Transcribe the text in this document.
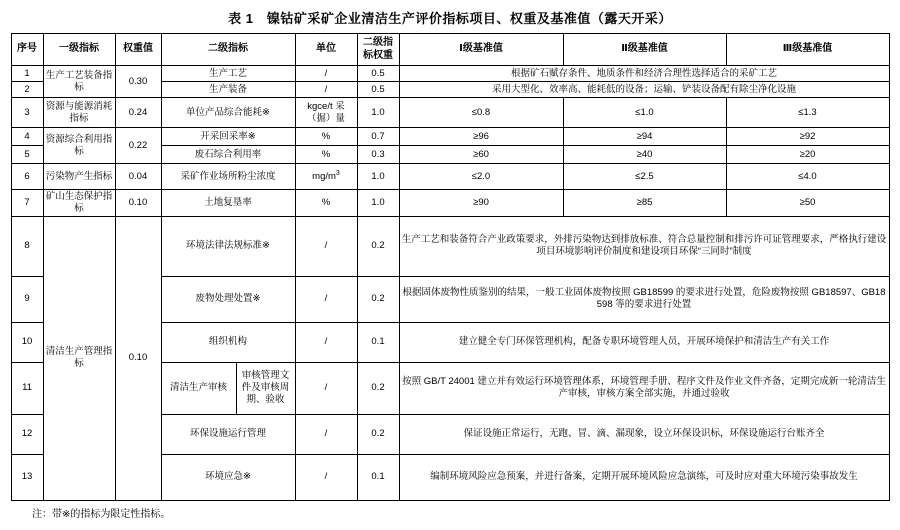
表 1　镍钴矿采矿企业清洁生产评价指标项目、权重及基准值（露天开采）
序号	一级指标	权重值	二级指标		单位	二级指标权重	Ⅰ级基准值	Ⅱ级基准值	Ⅲ级基准值
1	生产工艺装备指标	0.30	生产工艺		/	0.5	根据矿石赋存条件、地质条件和经济合理性选择适合的采矿工艺		
2			生产装备		/	0.5	采用大型化、效率高、能耗低的设备；运输、铲装设备配有除尘净化设施		
3	资源与能源消耗指标	0.24	单位产品综合能耗※		kgce/t 采（掘）量	1.0	≤0.8	≤1.0	≤1.3
4	资源综合利用指标	0.22	开采回采率※		%	0.7	≥96	≥94	≥92
5			废石综合利用率		%	0.3	≥60	≥40	≥20
6	污染物产生指标	0.04	采矿作业场所粉尘浓度		$mg/m^3$	1.0	≤2.0	≤2.5	≤4.0
7	矿山生态保护指标	0.10	土地复垦率		%	1.0	≥90	≥85	≥50
8	清洁生产管理指标	0.10	环境法律法规标准※		/	0.2	生产工艺和装备符合产业政策要求，外排污染物达到排放标准、符合总量控制和排污许可证管理要求，严格执行建设项目环境影响评价制度和建设项目环保“三同时”制度		
9			废物处理处置※		/	0.2	根据固体废物性质鉴别的结果，一般工业固体废物按照 GB18599 的要求进行处置，危险废物按照 GB18597、GB18598 等的要求进行处置		
10			组织机构		/	0.1	建立健全专门环保管理机构，配备专职环境管理人员，开展环境保护和清洁生产有关工作		
11			清洁生产审核	审核管理文件及审核周期、验收	/	0.2	按照 GB/T 24001 建立并有效运行环境管理体系，环境管理手册、程序文件及作业文件齐备，定期完成新一轮清洁生产审核，审核方案全部实施，并通过验收		
12			环保设施运行管理		/	0.2	保证设施正常运行，无跑、冒、滴、漏现象，设立环保设识标，环保设施运行台账齐全		
13			环境应急※		/	0.1	编制环境风险应急预案，并进行备案，定期开展环境风险应急演练，可及时应对重大环境污染事故发生		
注：带※的指标为限定性指标。
